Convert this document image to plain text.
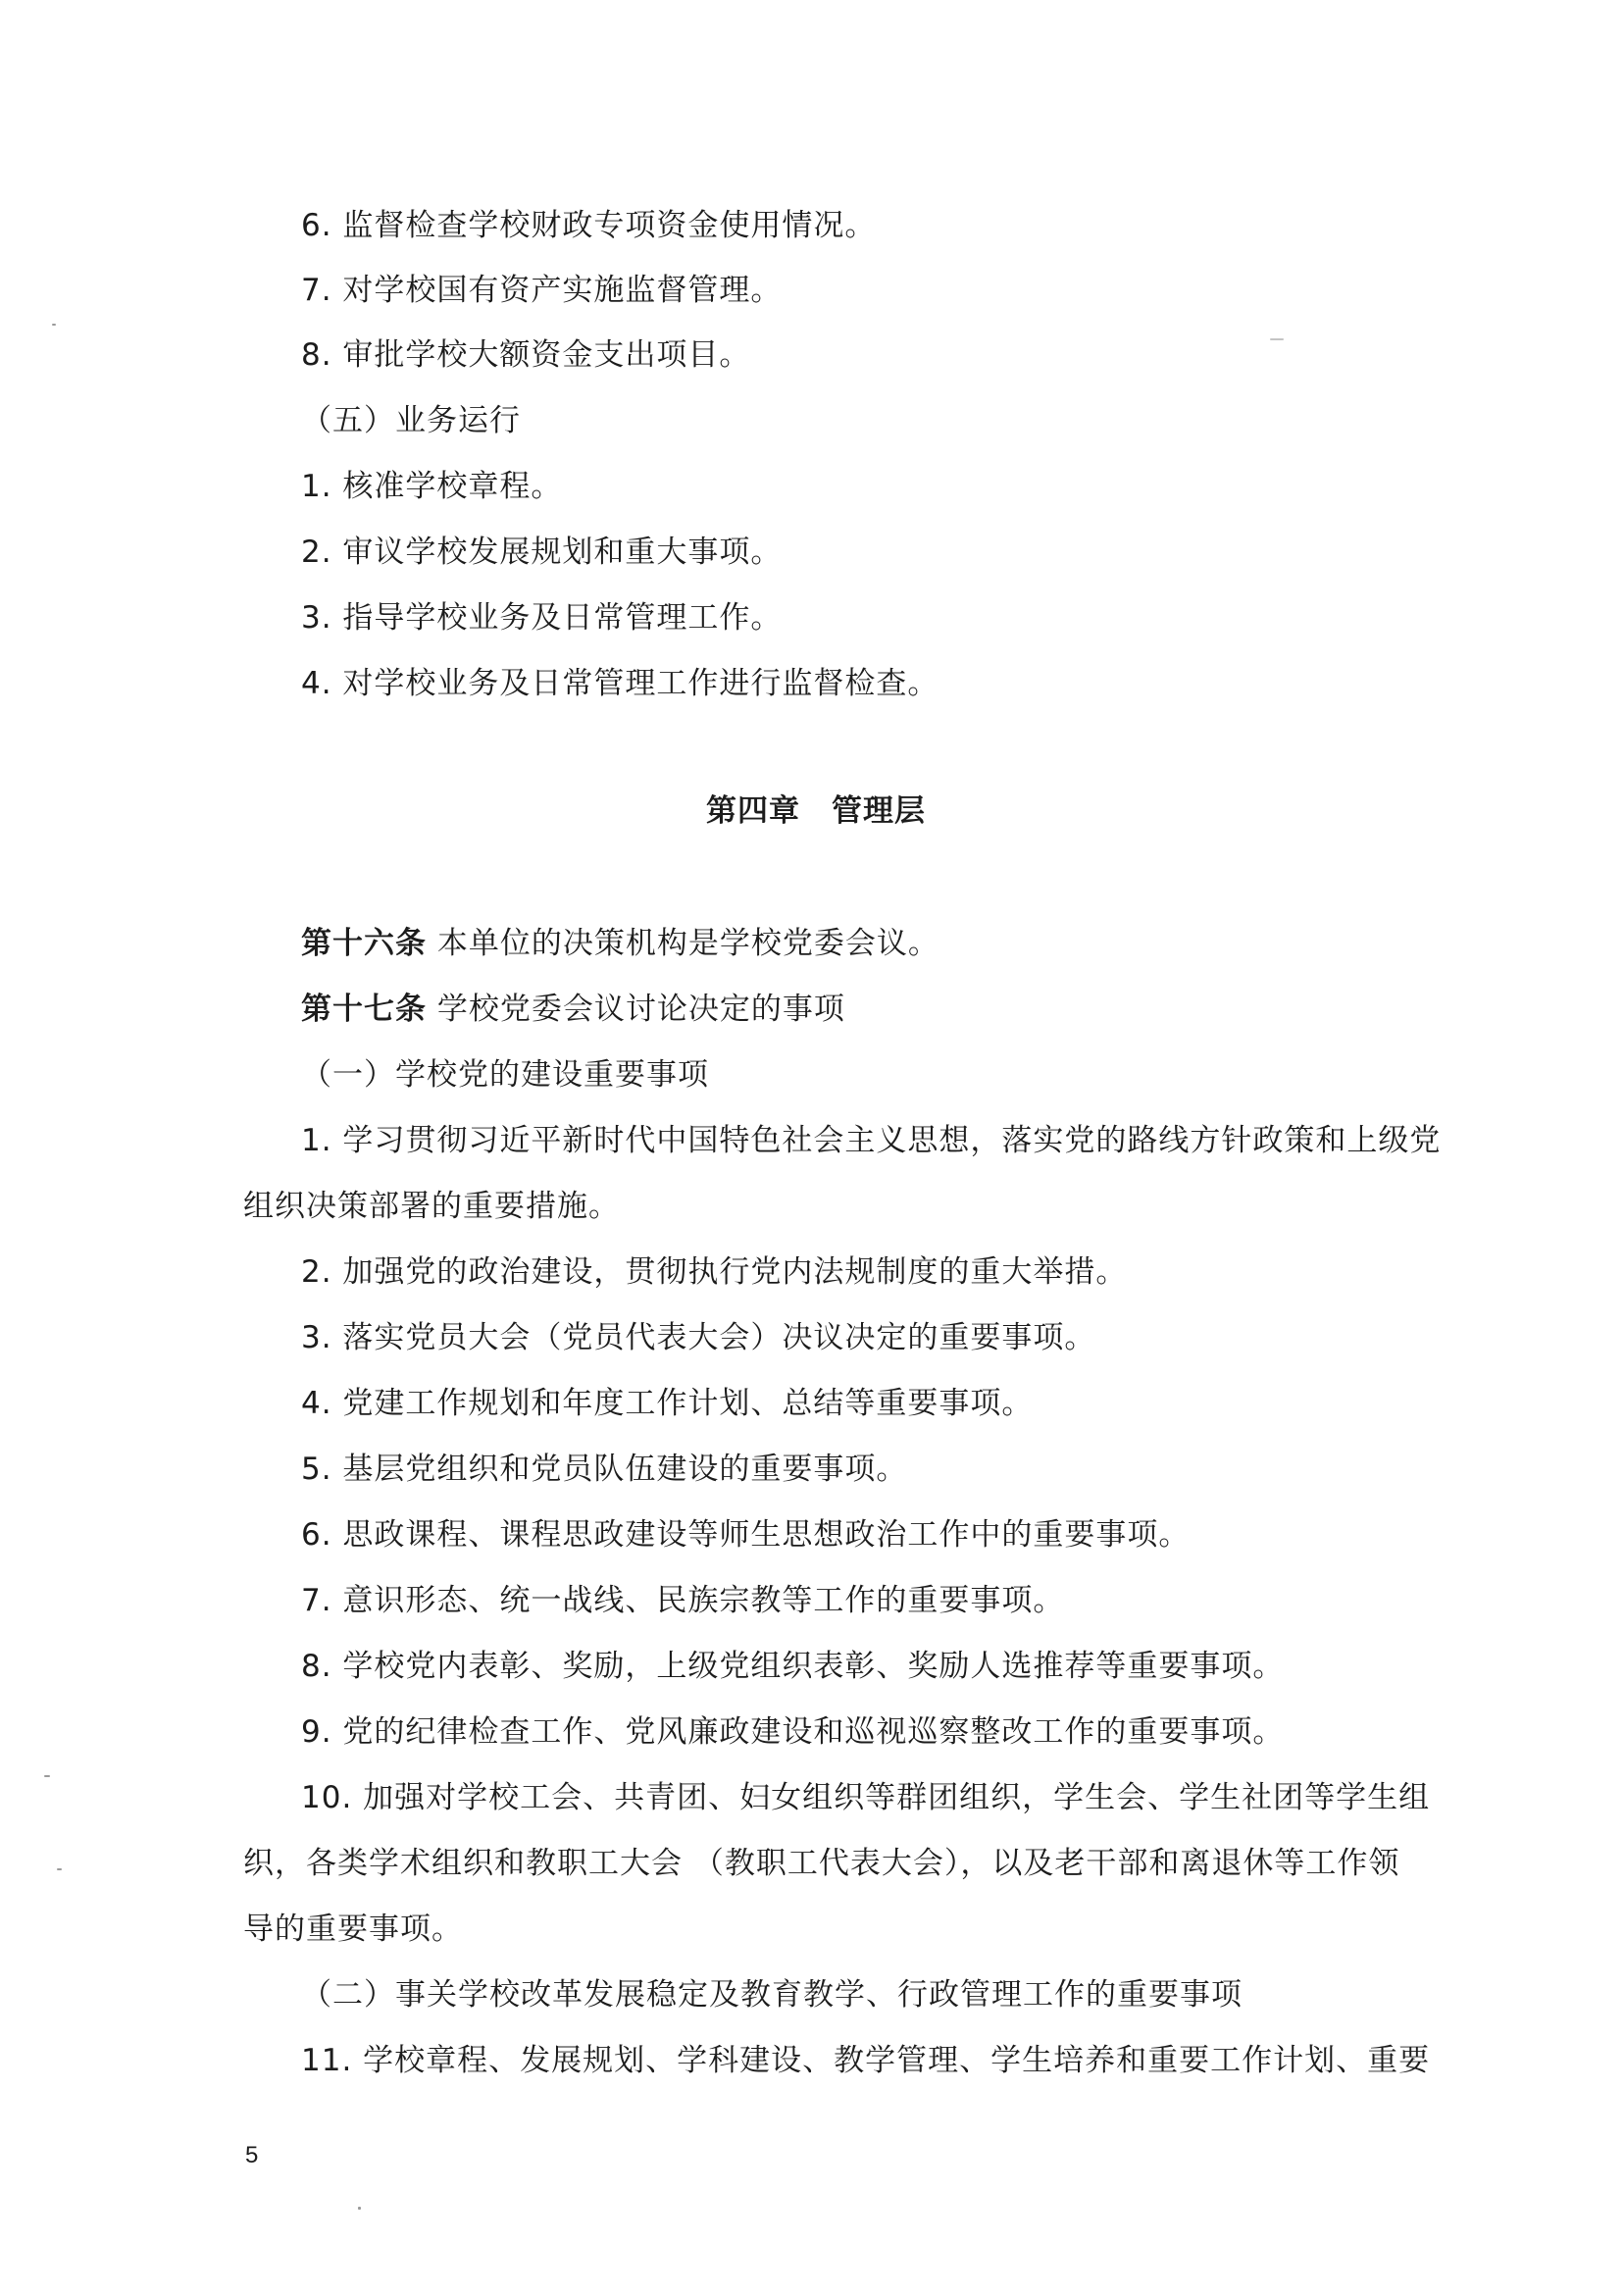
6. 监督检查学校财政专项资金使用情况。
7. 对学校国有资产实施监督管理。
8. 审批学校大额资金支出项目。
（五）业务运行
1. 核准学校章程。
2. 审议学校发展规划和重大事项。
3. 指导学校业务及日常管理工作。
4. 对学校业务及日常管理工作进行监督检查。
第四章　管理层
第十六条 本单位的决策机构是学校党委会议。
第十七条 学校党委会议讨论决定的事项
（一）学校党的建设重要事项
1. 学习贯彻习近平新时代中国特色社会主义思想，落实党的路线方针政策和上级党
组织决策部署的重要措施。
2. 加强党的政治建设，贯彻执行党内法规制度的重大举措。
3. 落实党员大会（党员代表大会）决议决定的重要事项。
4. 党建工作规划和年度工作计划、总结等重要事项。
5. 基层党组织和党员队伍建设的重要事项。
6. 思政课程、课程思政建设等师生思想政治工作中的重要事项。
7. 意识形态、统一战线、民族宗教等工作的重要事项。
8. 学校党内表彰、奖励，上级党组织表彰、奖励人选推荐等重要事项。
9. 党的纪律检查工作、党风廉政建设和巡视巡察整改工作的重要事项。
10. 加强对学校工会、共青团、妇女组织等群团组织，学生会、学生社团等学生组
织，各类学术组织和教职工大会 （教职工代表大会），以及老干部和离退休等工作领
导的重要事项。
（二）事关学校改革发展稳定及教育教学、行政管理工作的重要事项
11. 学校章程、发展规划、学科建设、教学管理、学生培养和重要工作计划、重要
5
